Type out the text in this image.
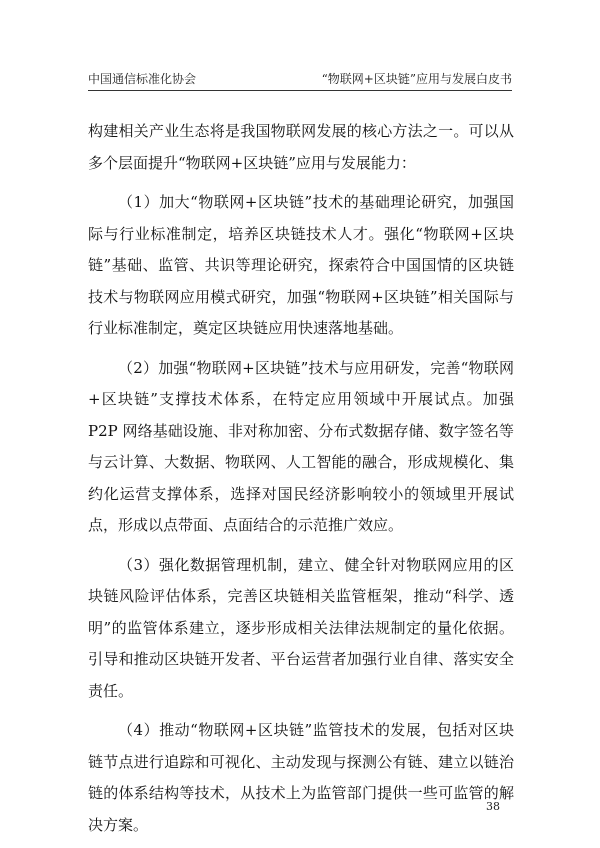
中国通信标准化协会	“物联网+区块链”应用与发展白皮书

构建相关产业生态将是我国物联网发展的核心方法之一。可以从多个层面提升“物联网+区块链”应用与发展能力：

（1）加大“物联网+区块链”技术的基础理论研究，加强国际与行业标准制定，培养区块链技术人才。强化“物联网+区块链”基础、监管、共识等理论研究，探索符合中国国情的区块链技术与物联网应用模式研究，加强“物联网+区块链”相关国际与行业标准制定，奠定区块链应用快速落地基础。

（2）加强“物联网+区块链”技术与应用研发，完善“物联网+区块链”支撑技术体系，在特定应用领域中开展试点。加强 P2P 网络基础设施、非对称加密、分布式数据存储、数字签名等与云计算、大数据、物联网、人工智能的融合，形成规模化、集约化运营支撑体系，选择对国民经济影响较小的领域里开展试点，形成以点带面、点面结合的示范推广效应。

（3）强化数据管理机制，建立、健全针对物联网应用的区块链风险评估体系，完善区块链相关监管框架，推动“科学、透明”的监管体系建立，逐步形成相关法律法规制定的量化依据。引导和推动区块链开发者、平台运营者加强行业自律、落实安全责任。

（4）推动“物联网+区块链”监管技术的发展，包括对区块链节点进行追踪和可视化、主动发现与探测公有链、建立以链治链的体系结构等技术，从技术上为监管部门提供一些可监管的解决方案。

38
